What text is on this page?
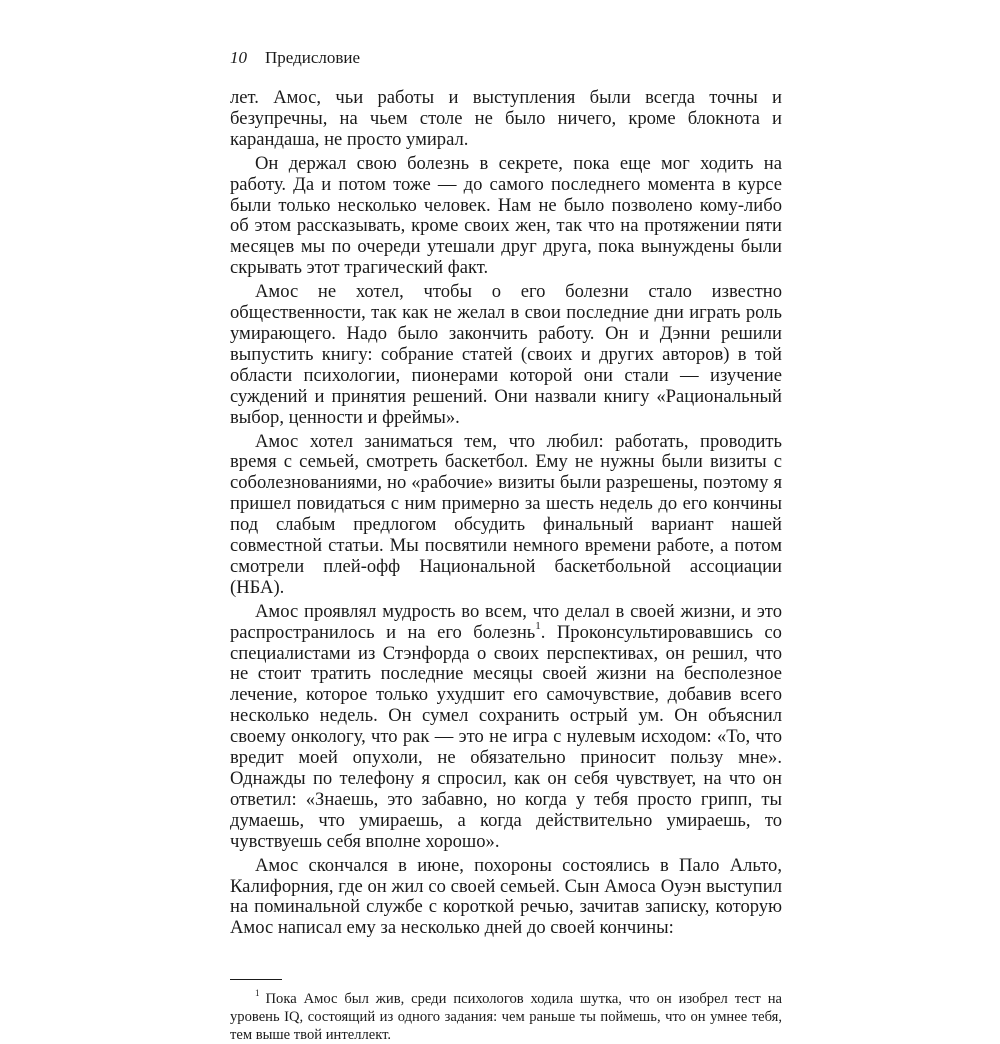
10 Предисловие

лет. Амос, чьи работы и выступления были всегда точны и безупречны, на чьем столе не было ничего, кроме блокнота и карандаша, не просто умирал.

Он держал свою болезнь в секрете, пока еще мог ходить на работу. Да и потом тоже — до самого последнего момента в курсе были только несколько человек. Нам не было позволено кому-либо об этом рассказывать, кроме своих жен, так что на протяжении пяти месяцев мы по очереди утешали друг друга, пока вынуждены были скрывать этот трагический факт.

Амос не хотел, чтобы о его болезни стало известно общественности, так как не желал в свои последние дни играть роль умирающего. Надо было закончить работу. Он и Дэнни решили выпустить книгу: собрание статей (своих и других авторов) в той области психологии, пионерами которой они стали — изучение суждений и принятия решений. Они назвали книгу «Рациональный выбор, ценности и фреймы».

Амос хотел заниматься тем, что любил: работать, проводить время с семьей, смотреть баскетбол. Ему не нужны были визиты с соболезнованиями, но «рабочие» визиты были разрешены, поэтому я пришел повидаться с ним примерно за шесть недель до его кончины под слабым предлогом обсудить финальный вариант нашей совместной статьи. Мы посвятили немного времени работе, а потом смотрели плей-офф Национальной баскетбольной ассоциации (НБА).

Амос проявлял мудрость во всем, что делал в своей жизни, и это распространилось и на его болезнь$^1$. Проконсультировавшись со специалистами из Стэнфорда о своих перспективах, он решил, что не стоит тратить последние месяцы своей жизни на бесполезное лечение, которое только ухудшит его самочувствие, добавив всего несколько недель. Он сумел сохранить острый ум. Он объяснил своему онкологу, что рак — это не игра с нулевым исходом: «То, что вредит моей опухоли, не обязательно приносит пользу мне». Однажды по телефону я спросил, как он себя чувствует, на что он ответил: «Знаешь, это забавно, но когда у тебя просто грипп, ты думаешь, что умираешь, а когда действительно умираешь, то чувствуешь себя вполне хорошо».

Амос скончался в июне, похороны состоялись в Пало Альто, Калифорния, где он жил со своей семьей. Сын Амоса Оуэн выступил на поминальной службе с короткой речью, зачитав записку, которую Амос написал ему за несколько дней до своей кончины:

$^1$ Пока Амос был жив, среди психологов ходила шутка, что он изобрел тест на уровень IQ, состоящий из одного задания: чем раньше ты поймешь, что он умнее тебя, тем выше твой интеллект.
